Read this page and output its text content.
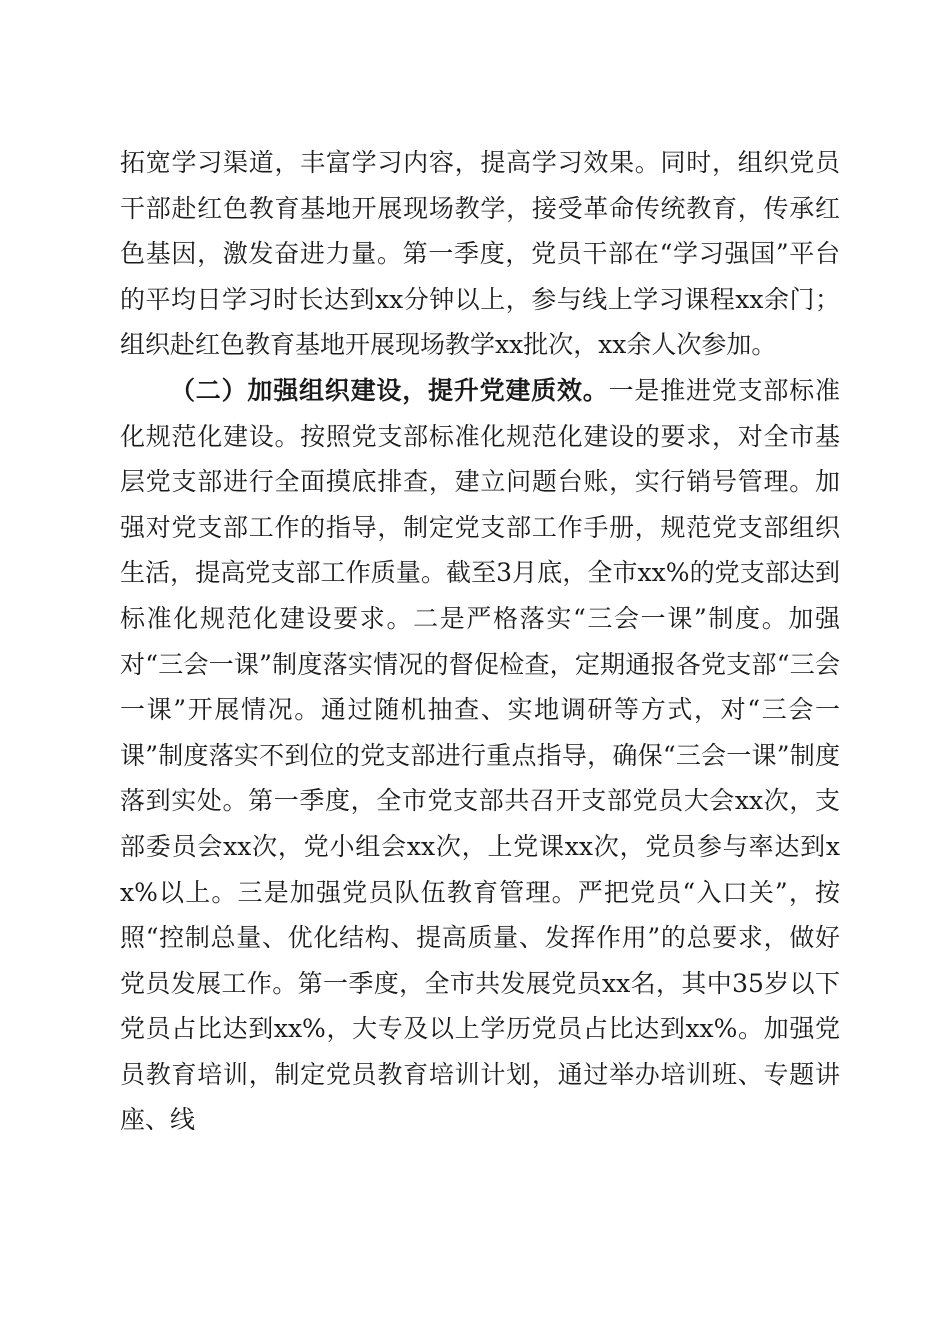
拓宽学习渠道，丰富学习内容，提高学习效果。同时，组织党员干部赴红色教育基地开展现场教学，接受革命传统教育，传承红色基因，激发奋进力量。第一季度，党员干部在“学习强国”平台的平均日学习时长达到xx分钟以上，参与线上学习课程xx余门；组织赴红色教育基地开展现场教学xx批次，xx余人次参加。

（二）加强组织建设，提升党建质效。一是推进党支部标准化规范化建设。按照党支部标准化规范化建设的要求，对全市基层党支部进行全面摸底排查，建立问题台账，实行销号管理。加强对党支部工作的指导，制定党支部工作手册，规范党支部组织生活，提高党支部工作质量。截至3月底，全市xx%的党支部达到标准化规范化建设要求。二是严格落实“三会一课”制度。加强对“三会一课”制度落实情况的督促检查，定期通报各党支部“三会一课”开展情况。通过随机抽查、实地调研等方式，对“三会一课”制度落实不到位的党支部进行重点指导，确保“三会一课”制度落到实处。第一季度，全市党支部共召开支部党员大会xx次，支部委员会xx次，党小组会xx次，上党课xx次，党员参与率达到xx%以上。三是加强党员队伍教育管理。严把党员“入口关”，按照“控制总量、优化结构、提高质量、发挥作用”的总要求，做好党员发展工作。第一季度，全市共发展党员xx名，其中35岁以下党员占比达到xx%，大专及以上学历党员占比达到xx%。加强党员教育培训，制定党员教育培训计划，通过举办培训班、专题讲座、线
